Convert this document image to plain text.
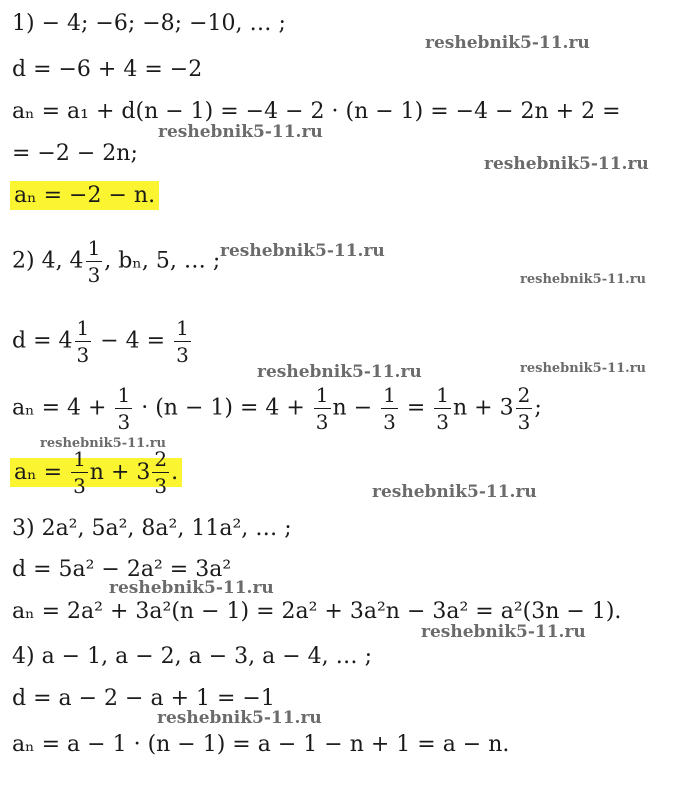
1) − 4; −6; −8; −10, … ;
d = −6 + 4 = −2
aₙ = a₁ + d(n − 1) = −4 − 2 · (n − 1) = −4 − 2n + 2 =
= −2 − 2n;
aₙ = −2 − n.
2) 4, $4 \frac{1}{3}$ , bₙ, 5, … ;
$d = 4 \frac{1}{3} - 4 = \frac{1}{3}$
$a_n = 4 + \frac{1}{3} \cdot (n - 1) = 4 + \frac{1}{3}$ $n - \frac{1}{3} = \frac{1}{3}$ $n + 3 \frac{2}{3}$ ;
$a_n = \frac{1}{3}$ $n + 3 \frac{2}{3}$ .
3) 2a², 5a², 8a², 11a², … ;
d = 5a² − 2a² = 3a²
aₙ = 2a² + 3a²(n − 1) = 2a² + 3a²n − 3a² = a²(3n − 1).
4) a − 1, a − 2, a − 3, a − 4, … ;
d = a − 2 − a + 1 = −1
aₙ = a − 1 · (n − 1) = a − 1 − n + 1 = a − n.
reshebnik5-11.ru
reshebnik5-11.ru
reshebnik5-11.ru
reshebnik5-11.ru
reshebnik5-11.ru
reshebnik5-11.ru	reshebnik5-11.ru
reshebnik5-11.ru
reshebnik5-11.ru
reshebnik5-11.ru
reshebnik5-11.ru
reshebnik5-11.ru
